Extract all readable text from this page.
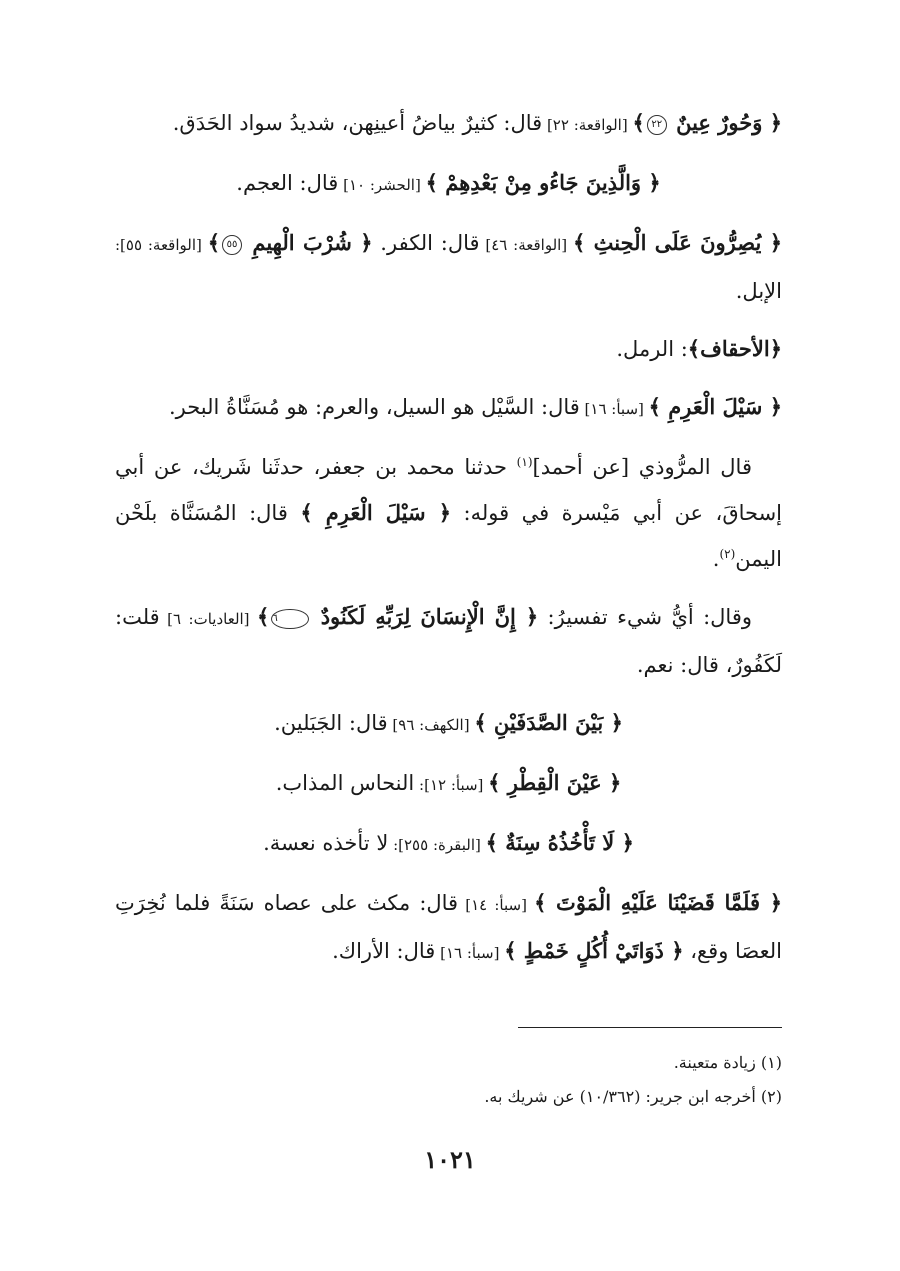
﴿ وَحُورٌ عِينٌ ٢٢﴾ [الواقعة: ٢٢] قال: كثيرٌ بياضُ أعينِهن، شديدُ سواد الحَدَق.

﴿ وَالَّذِينَ جَاءُو مِنْ بَعْدِهِمْ ﴾ [الحشر: ١٠] قال: العجم.

﴿ يُصِرُّونَ عَلَى الْحِنثِ ﴾ [الواقعة: ٤٦] قال: الكفر. ﴿ شُرْبَ الْهِيمِ ٥٥﴾ [الواقعة: ٥٥]: الإبل.

﴿الأحقاف﴾: الرمل.

﴿ سَيْلَ الْعَرِمِ ﴾ [سبأ: ١٦] قال: السَّيْل هو السيل، والعرم: هو مُسَنَّاةُ البحر.

قال المرُّوذي [عن أحمد]$^{(١)}$ حدثنا محمد بن جعفر، حدثَنا شَريك، عن أبي إسحاقَ، عن أبي مَيْسرة في قوله: ﴿ سَيْلَ الْعَرِمِ ﴾ قال: المُسَنَّاة بلَحْن اليمن$^{(٢)}$.

وقال: أيُّ شيء تفسيرُ: ﴿ إِنَّ الْإِنسَانَ لِرَبِّهِ لَكَنُودٌ ٦﴾ [العاديات: ٦] قلت: لَكَفُورٌ، قال: نعم.

﴿ بَيْنَ الصَّدَفَيْنِ ﴾ [الكهف: ٩٦] قال: الجَبَلين.

﴿ عَيْنَ الْقِطْرِ ﴾ [سبأ: ١٢]: النحاس المذاب.

﴿ لَا تَأْخُذُهُ سِنَةٌ ﴾ [البقرة: ٢٥٥]: لا تأخذه نعسة.

﴿ فَلَمَّا قَضَيْنَا عَلَيْهِ الْمَوْتَ ﴾ [سبأ: ١٤] قال: مكث على عصاه سَنَةً فلما نُخِرَتِ العصَا وقع، ﴿ ذَوَاتَيْ أُكُلٍ خَمْطٍ ﴾ [سبأ: ١٦] قال: الأراك.

(١) زيادة متعينة.
(٢) أخرجه ابن جرير: (١٠/٣٦٢) عن شريك به.
١٠٢١
